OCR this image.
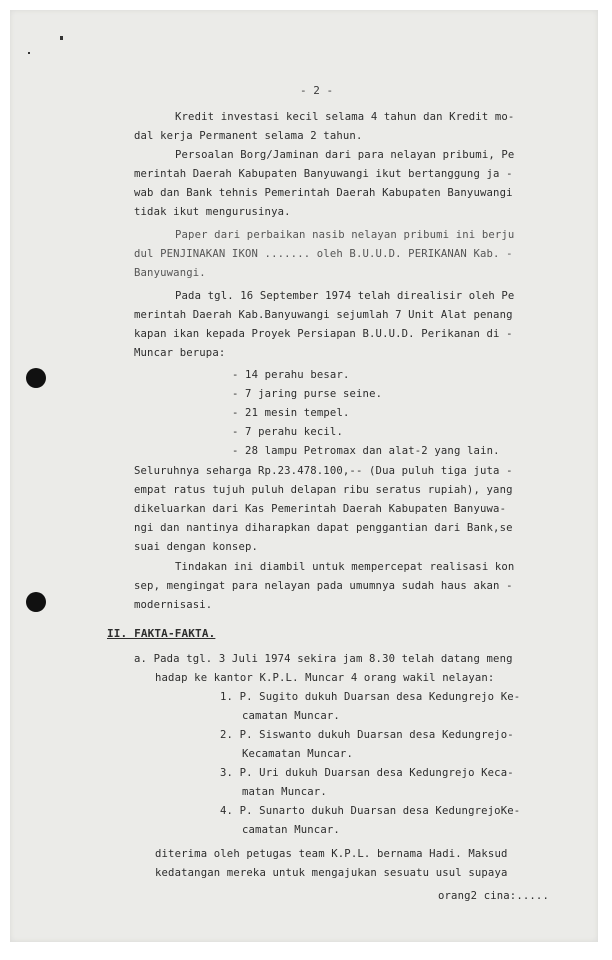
- 2 -
Kredit investasi kecil selama 4 tahun dan Kredit mo-
dal kerja Permanent selama 2 tahun.
Persoalan Borg/Jaminan dari para nelayan pribumi, Pe
merintah Daerah Kabupaten Banyuwangi ikut bertanggung ja -
wab dan Bank tehnis Pemerintah Daerah Kabupaten Banyuwangi
tidak ikut mengurusinya.
Paper dari perbaikan nasib nelayan pribumi ini berju
dul PENJINAKAN IKON ....... oleh B.U.U.D. PERIKANAN Kab. -
Banyuwangi.
Pada tgl. 16 September 1974 telah direalisir oleh Pe
merintah Daerah Kab.Banyuwangi sejumlah 7 Unit Alat penang
kapan ikan kepada Proyek Persiapan B.U.U.D. Perikanan di -
Muncar berupa:
- 14 perahu besar.
- 7 jaring purse seine.
- 21 mesin tempel.
- 7 perahu kecil.
- 28 lampu Petromax dan alat-2 yang lain.
Seluruhnya seharga Rp.23.478.100,-- (Dua puluh tiga juta -
empat ratus tujuh puluh delapan ribu seratus rupiah), yang
dikeluarkan dari Kas Pemerintah Daerah Kabupaten Banyuwa-
ngi dan nantinya diharapkan dapat penggantian dari Bank,se
suai dengan konsep.
Tindakan ini diambil untuk mempercepat realisasi kon
sep, mengingat para nelayan pada umumnya sudah haus akan -
modernisasi.
II. FAKTA-FAKTA.
a. Pada tgl. 3 Juli 1974 sekira jam 8.30 telah datang meng
hadap ke kantor K.P.L. Muncar 4 orang wakil nelayan:
1. P. Sugito dukuh Duarsan desa Kedungrejo Ke-
camatan Muncar.
2. P. Siswanto dukuh Duarsan desa Kedungrejo-
Kecamatan Muncar.
3. P. Uri dukuh Duarsan desa Kedungrejo Keca-
matan Muncar.
4. P. Sunarto dukuh Duarsan desa KedungrejoKe-
camatan Muncar.
diterima oleh petugas team K.P.L. bernama Hadi. Maksud
kedatangan mereka untuk mengajukan sesuatu usul supaya
orang2 cina:.....
